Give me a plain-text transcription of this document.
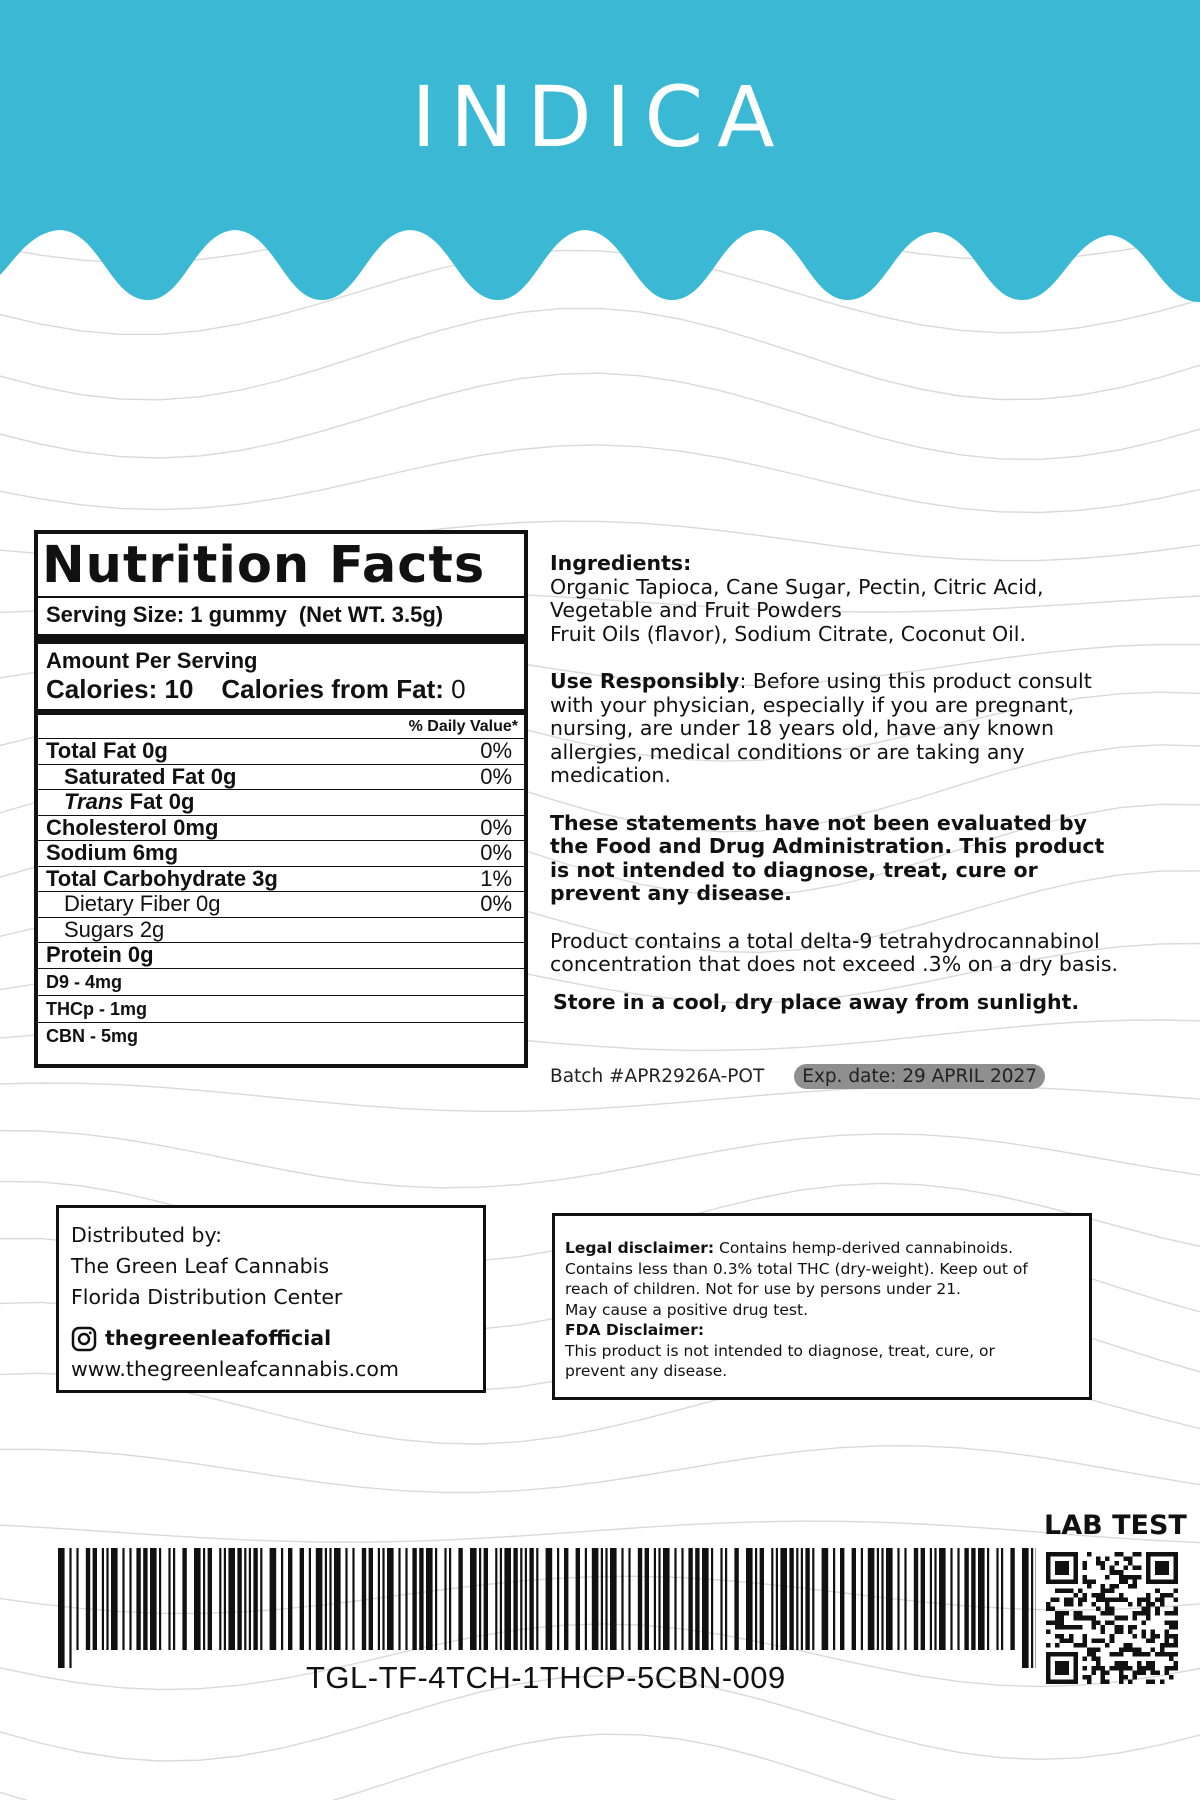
INDICA
Nutrition Facts
Serving Size: 1 gummy (Net WT. 3.5g)
Amount Per Serving
Calories: 10 Calories from Fat: 0
% Daily Value*
Total Fat 0g	0%
Saturated Fat 0g	0%
Trans Fat 0g
Cholesterol 0mg	0%
Sodium 6mg	0%
Total Carbohydrate 3g	1%
Dietary Fiber 0g	0%
Sugars 2g
Protein 0g
D9 - 4mg
THCp - 1mg
CBN - 5mg

Ingredients:
Organic Tapioca, Cane Sugar, Pectin, Citric Acid,
Vegetable and Fruit Powders
Fruit Oils (flavor), Sodium Citrate, Coconut Oil.

Use Responsibly: Before using this product consult with your physician, especially if you are pregnant, nursing, are under 18 years old, have any known allergies, medical conditions or are taking any medication.

These statements have not been evaluated by the Food and Drug Administration. This product is not intended to diagnose, treat, cure or prevent any disease.

Product contains a total delta-9 tetrahydrocannabinol concentration that does not exceed .3% on a dry basis.

Store in a cool, dry place away from sunlight.

Batch #APR2926A-POT	Exp. date: 29 APRIL 2027
Distributed by:
The Green Leaf Cannabis
Florida Distribution Center
thegreenleafofficial
www.thegreenleafcannabis.com
Legal disclaimer: Contains hemp-derived cannabinoids.
Contains less than 0.3% total THC (dry-weight). Keep out of
reach of children. Not for use by persons under 21.
May cause a positive drug test.
FDA Disclaimer:
This product is not intended to diagnose, treat, cure, or
prevent any disease.
TGL-TF-4TCH-1THCP-5CBN-009
LAB TEST
